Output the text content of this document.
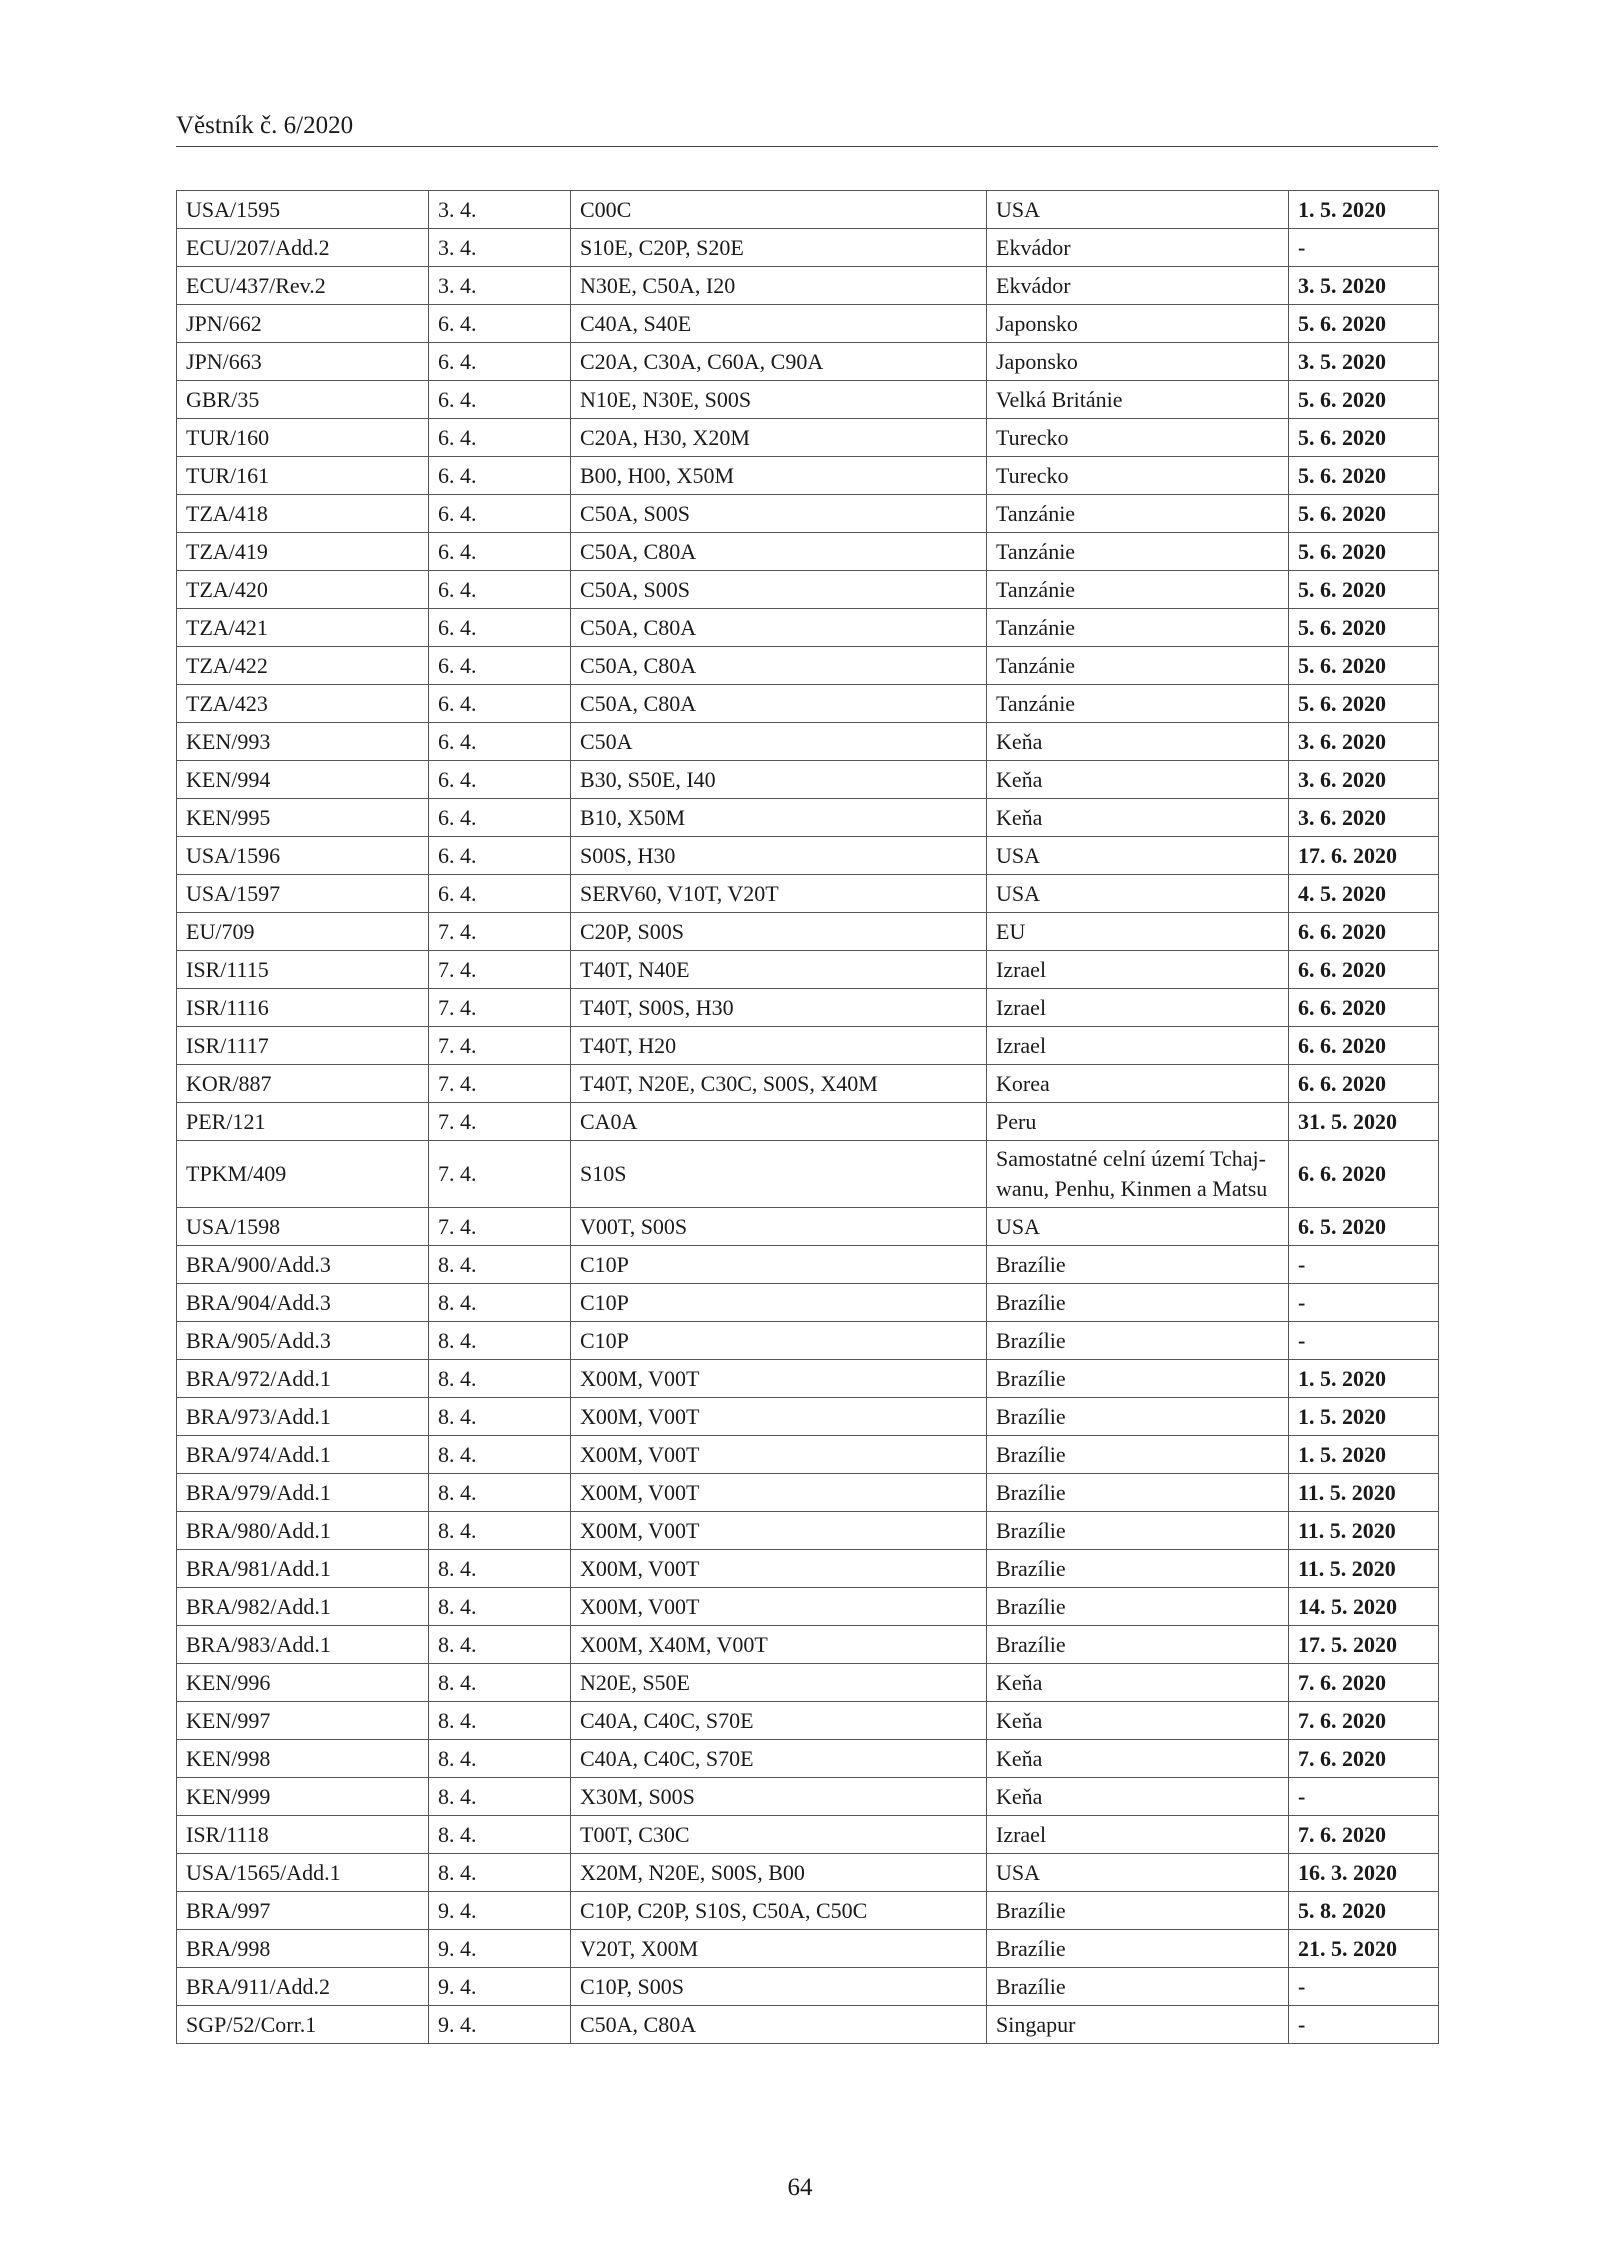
Věstník č. 6/2020
USA/1595	3. 4.	C00C	USA	1. 5. 2020
ECU/207/Add.2	3. 4.	S10E, C20P, S20E	Ekvádor	-
ECU/437/Rev.2	3. 4.	N30E, C50A, I20	Ekvádor	3. 5. 2020
JPN/662	6. 4.	C40A, S40E	Japonsko	5. 6. 2020
JPN/663	6. 4.	C20A, C30A, C60A, C90A	Japonsko	3. 5. 2020
GBR/35	6. 4.	N10E, N30E, S00S	Velká Británie	5. 6. 2020
TUR/160	6. 4.	C20A, H30, X20M	Turecko	5. 6. 2020
TUR/161	6. 4.	B00, H00, X50M	Turecko	5. 6. 2020
TZA/418	6. 4.	C50A, S00S	Tanzánie	5. 6. 2020
TZA/419	6. 4.	C50A, C80A	Tanzánie	5. 6. 2020
TZA/420	6. 4.	C50A, S00S	Tanzánie	5. 6. 2020
TZA/421	6. 4.	C50A, C80A	Tanzánie	5. 6. 2020
TZA/422	6. 4.	C50A, C80A	Tanzánie	5. 6. 2020
TZA/423	6. 4.	C50A, C80A	Tanzánie	5. 6. 2020
KEN/993	6. 4.	C50A	Keňa	3. 6. 2020
KEN/994	6. 4.	B30, S50E, I40	Keňa	3. 6. 2020
KEN/995	6. 4.	B10, X50M	Keňa	3. 6. 2020
USA/1596	6. 4.	S00S, H30	USA	17. 6. 2020
USA/1597	6. 4.	SERV60, V10T, V20T	USA	4. 5. 2020
EU/709	7. 4.	C20P, S00S	EU	6. 6. 2020
ISR/1115	7. 4.	T40T, N40E	Izrael	6. 6. 2020
ISR/1116	7. 4.	T40T, S00S, H30	Izrael	6. 6. 2020
ISR/1117	7. 4.	T40T, H20	Izrael	6. 6. 2020
KOR/887	7. 4.	T40T, N20E, C30C, S00S, X40M	Korea	6. 6. 2020
PER/121	7. 4.	CA0A	Peru	31. 5. 2020
TPKM/409	7. 4.	S10S	Samostatné celní území Tchaj-wanu, Penhu, Kinmen a Matsu	6. 6. 2020
USA/1598	7. 4.	V00T, S00S	USA	6. 5. 2020
BRA/900/Add.3	8. 4.	C10P	Brazílie	-
BRA/904/Add.3	8. 4.	C10P	Brazílie	-
BRA/905/Add.3	8. 4.	C10P	Brazílie	-
BRA/972/Add.1	8. 4.	X00M, V00T	Brazílie	1. 5. 2020
BRA/973/Add.1	8. 4.	X00M, V00T	Brazílie	1. 5. 2020
BRA/974/Add.1	8. 4.	X00M, V00T	Brazílie	1. 5. 2020
BRA/979/Add.1	8. 4.	X00M, V00T	Brazílie	11. 5. 2020
BRA/980/Add.1	8. 4.	X00M, V00T	Brazílie	11. 5. 2020
BRA/981/Add.1	8. 4.	X00M, V00T	Brazílie	11. 5. 2020
BRA/982/Add.1	8. 4.	X00M, V00T	Brazílie	14. 5. 2020
BRA/983/Add.1	8. 4.	X00M, X40M, V00T	Brazílie	17. 5. 2020
KEN/996	8. 4.	N20E, S50E	Keňa	7. 6. 2020
KEN/997	8. 4.	C40A, C40C, S70E	Keňa	7. 6. 2020
KEN/998	8. 4.	C40A, C40C, S70E	Keňa	7. 6. 2020
KEN/999	8. 4.	X30M, S00S	Keňa	-
ISR/1118	8. 4.	T00T, C30C	Izrael	7. 6. 2020
USA/1565/Add.1	8. 4.	X20M, N20E, S00S, B00	USA	16. 3. 2020
BRA/997	9. 4.	C10P, C20P, S10S, C50A, C50C	Brazílie	5. 8. 2020
BRA/998	9. 4.	V20T, X00M	Brazílie	21. 5. 2020
BRA/911/Add.2	9. 4.	C10P, S00S	Brazílie	-
SGP/52/Corr.1	9. 4.	C50A, C80A	Singapur	-
64
